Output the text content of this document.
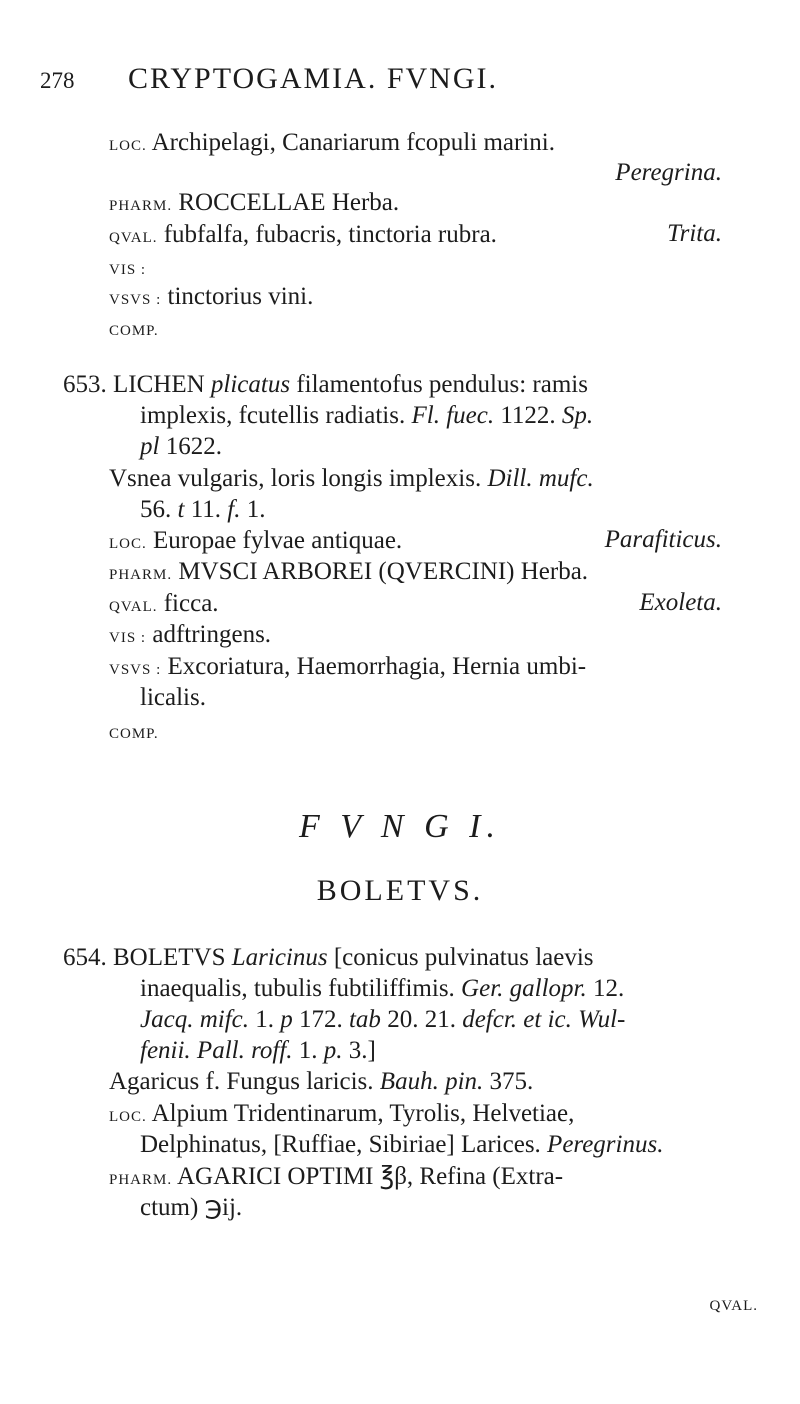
278 CRYPTOGAMIA. FVNGI.
LOC. Archipelagi, Canariarum fcopuli marini.
Peregrina.
PHARM. ROCCELLAE Herba.
QVAL. fubfalfa, fubacris, tinctoria rubra.	Trita.
VIS :
VSVS : tinctorius vini.
COMP.
653. LICHEN plicatus filamentofus pendulus: ramis
implexis, fcutellis radiatis. Fl. fuec. 1122. Sp.
pl 1622.
Vsnea vulgaris, loris longis implexis. Dill. mufc.
56. t 11. f. 1.
LOC. Europae fylvae antiquae.	Parafiticus.
PHARM. MVSCI ARBOREI (QVERCINI) Herba.
QVAL. ficca.	Exoleta.
VIS : adftringens.
VSVS : Excoriatura, Haemorrhagia, Hernia umbi-
licalis.
COMP.
F V N G I.
BOLETVS.
654. BOLETVS Laricinus [conicus pulvinatus laevis
inaequalis, tubulis fubtiliffimis. Ger. gallopr. 12.
Jacq. mifc. 1. p 172. tab 20. 21. defcr. et ic. Wul-
fenii. Pall. roff. 1. p. 3.]
Agaricus f. Fungus laricis. Bauh. pin. 375.
LOC. Alpium Tridentinarum, Tyrolis, Helvetiae,
Delphinatus, [Ruffiae, Sibiriae] Larices. Peregrinus.
PHARM. AGARICI OPTIMI ℥β, Refina (Extra-
ctum) ℈ij.
QVAL.
